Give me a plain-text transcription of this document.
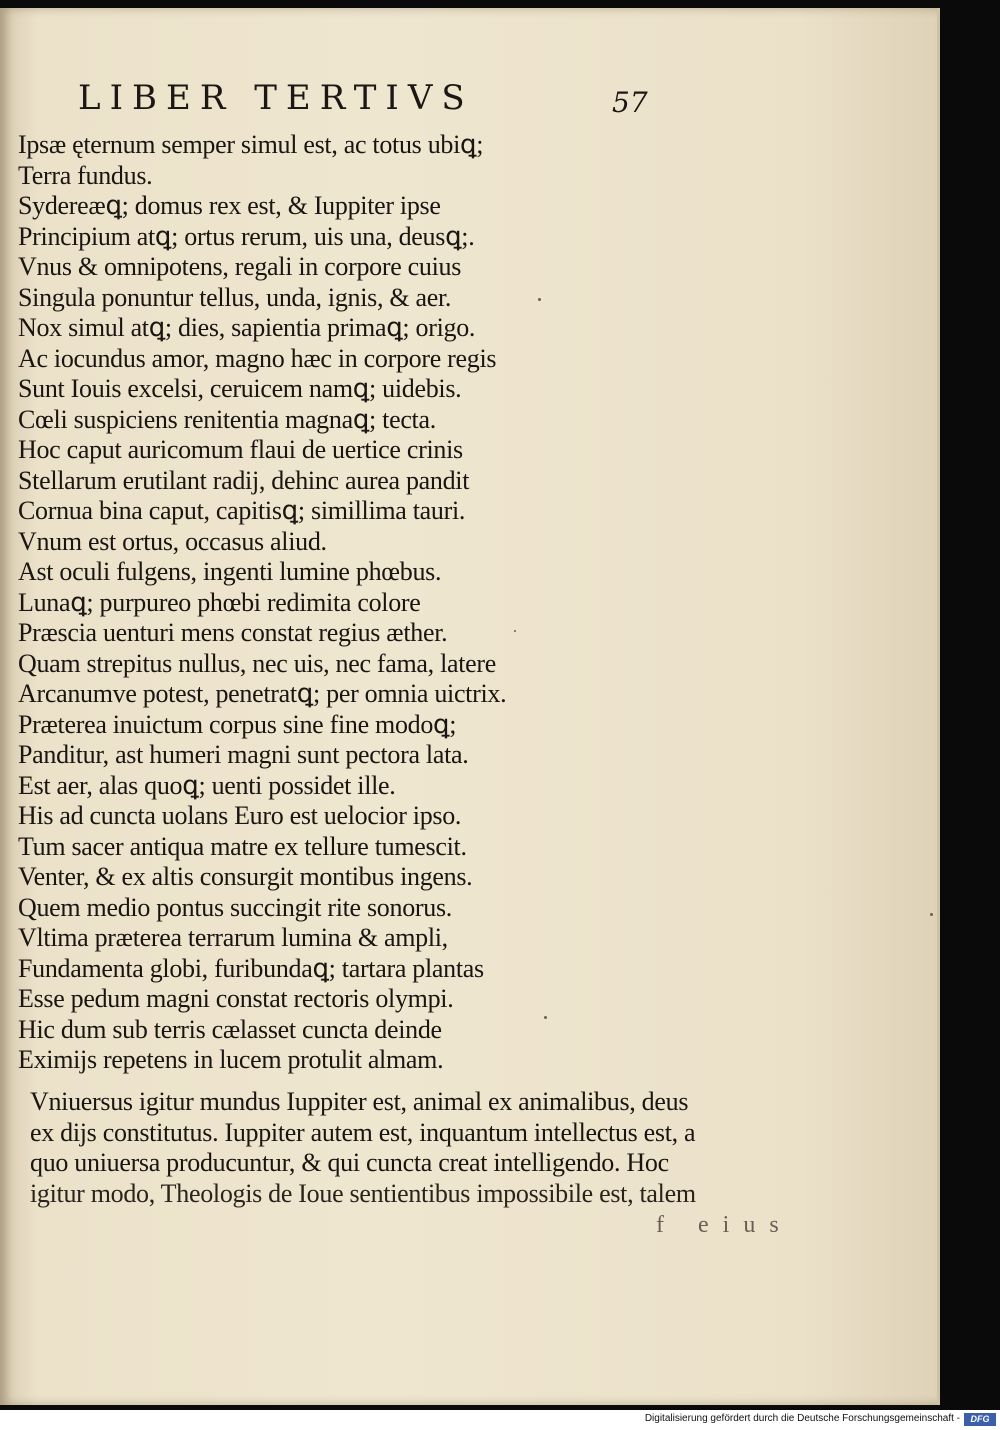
LIBER TERTIVS	57
Ipsæ ęternum semper simul est, ac totus ubiꝗ;
Terra fundus.
Sydereæꝗ; domus rex est, & Iuppiter ipse
Principium atꝗ; ortus rerum, uis una, deusꝗ;.
Vnus & omnipotens, regali in corpore cuius
Singula ponuntur tellus, unda, ignis, & aer.
Nox simul atꝗ; dies, sapientia primaꝗ; origo.
Ac iocundus amor, magno hæc in corpore regis
Sunt Iouis excelsi, ceruicem namꝗ; uidebis.
Cœli suspiciens renitentia magnaꝗ; tecta.
Hoc caput auricomum flaui de uertice crinis
Stellarum erutilant radij, dehinc aurea pandit
Cornua bina caput, capitisꝗ; simillima tauri.
Vnum est ortus, occasus aliud.
Ast oculi fulgens, ingenti lumine phœbus.
Lunaꝗ; purpureo phœbi redimita colore
Præscia uenturi mens constat regius æther.
Quam strepitus nullus, nec uis, nec fama, latere
Arcanumve potest, penetratꝗ; per omnia uictrix.
Præterea inuictum corpus sine fine modoꝗ;
Panditur, ast humeri magni sunt pectora lata.
Est aer, alas quoꝗ; uenti possidet ille.
His ad cuncta uolans Euro est uelocior ipso.
Tum sacer antiqua matre ex tellure tumescit.
Venter, & ex altis consurgit montibus ingens.
Quem medio pontus succingit rite sonorus.
Vltima præterea terrarum lumina & ampli,
Fundamenta globi, furibundaꝗ; tartara plantas
Esse pedum magni constat rectoris olympi.
Hic dum sub terris cælasset cuncta deinde
Eximijs repetens in lucem protulit almam.
Vniuersus igitur mundus Iuppiter est, animal ex animalibus, deus
ex dijs constitutus. Iuppiter autem est, inquantum intellectus est, a
quo uniuersa producuntur, & qui cuncta creat intelligendo. Hoc
igitur modo, Theologis de Ioue sentientibus impossibile est, talem
f eius
Digitalisierung gefördert durch die Deutsche Forschungsgemeinschaft -	DFG
